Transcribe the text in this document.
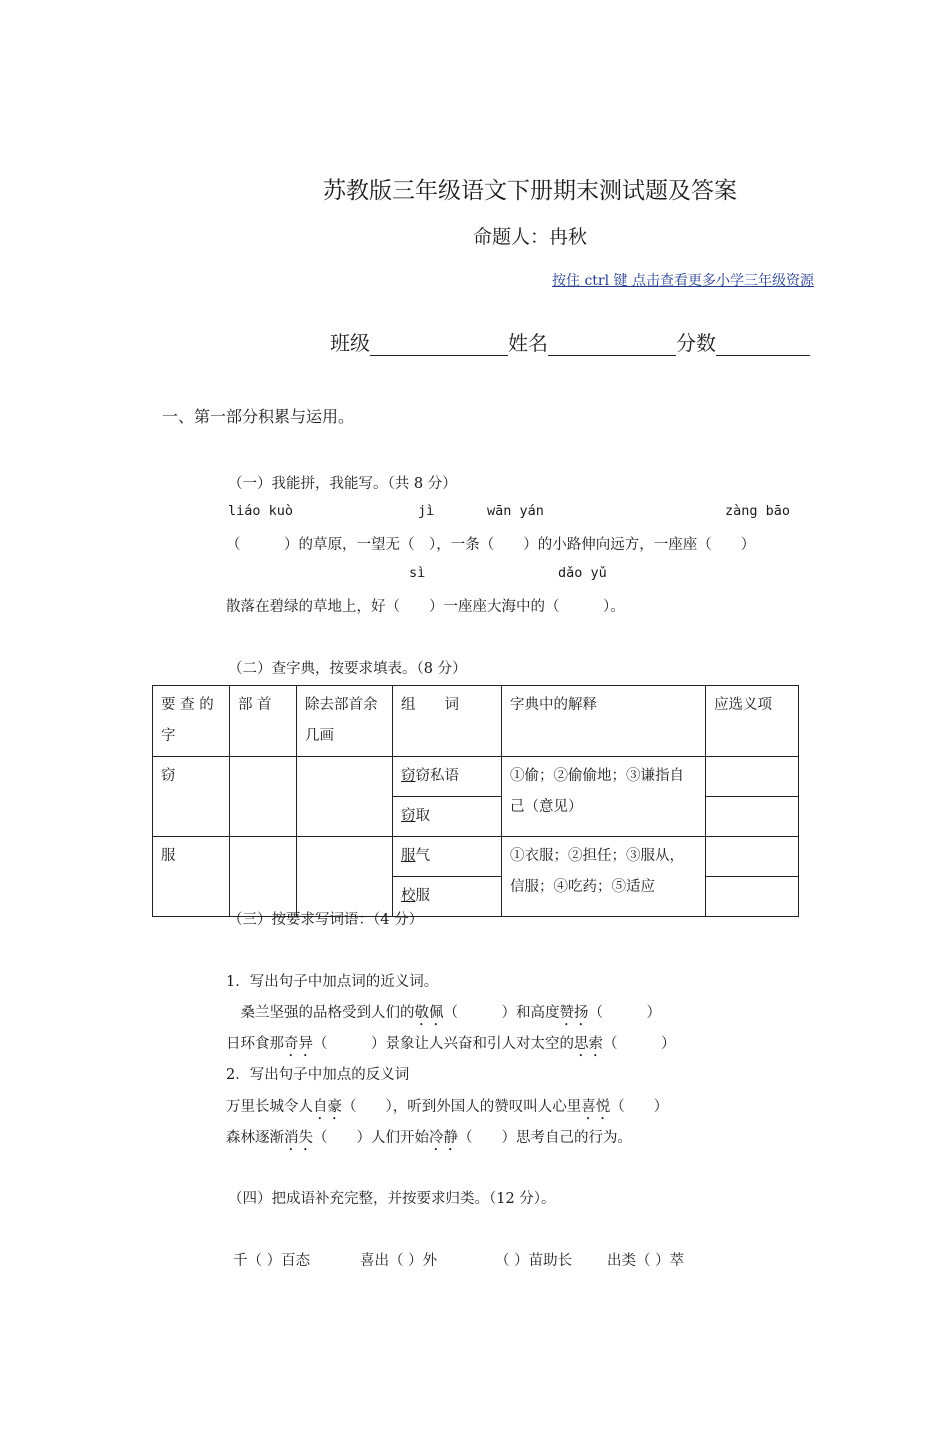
苏教版三年级语文下册期末测试题及答案
命题人：冉秋
按住 ctrl 键 点击查看更多小学三年级资源
班级	姓名	分数
一、第一部分积累与运用。
（一）我能拼，我能写。（共 8 分）
liáo kuò	jì	wān yán	zàng bāo
（　　　）的草原，一望无（　），一条（　　）的小路伸向远方，一座座（　　）
sì	dǎo yǔ
散落在碧绿的草地上，好（　　）一座座大海中的（　　　）。
（二）查字典，按要求填表。（8 分）
要 查 的 字	部 首	除去部首余几画	组　　词	字典中的解释	应选义项
窃			窃窃私语	①偷；②偷偷地；③谦指自己（意见）	
			窃取		
服			服气	①衣服；②担任；③服从，信服；④吃药；⑤适应	
			校服		
（三）按要求写词语：（4 分）
1．写出句子中加点词的近义词。
　桑兰坚强的品格受到人们的敬佩（　　　）和高度赞扬（　　　）
日环食那奇异（　　　）景象让人兴奋和引人对太空的思索（　　　）
2．写出句子中加点的反义词
万里长城令人自豪（　　），听到外国人的赞叹叫人心里喜悦（　　）
森林逐渐消失（　　）人们开始冷静（　　）思考自己的行为。
（四）把成语补充完整，并按要求归类。（12 分）。
千（ ）百态	喜出（ ）外	（ ）苗助长 出类（ ）萃
